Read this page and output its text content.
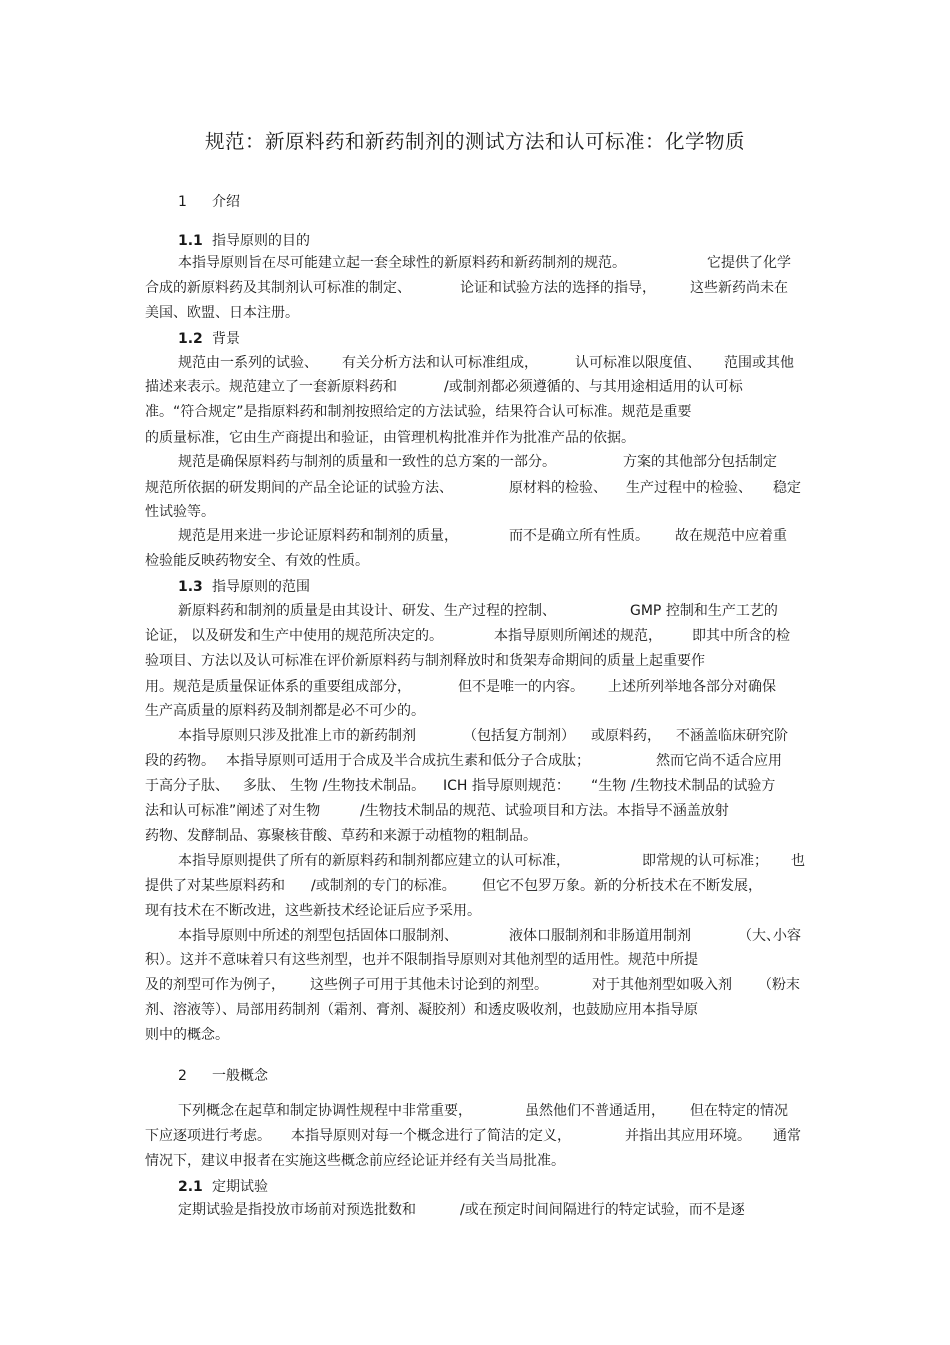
规范：新原料药和新药制剂的测试方法和认可标准：化学物质
1 介绍
1.1 指导原则的目的
本指导原则旨在尽可能建立起一套全球性的新原料药和新药制剂的规范。	它提供了化学
合成的新原料药及其制剂认可标准的制定、	论证和试验方法的选择的指导， 这些新药尚未在
美国、欧盟、日本注册。
1.2 背景
规范由一系列的试验、 有关分析方法和认可标准组成，	认可标准以限度值、 范围或其他
描述来表示。规范建立了一套新原料药和	/或制剂都必须遵循的、与其用途相适用的认可标
准。“符合规定”是指原料药和制剂按照给定的方法试验，结果符合认可标准。规范是重要
的质量标准，它由生产商提出和验证，由管理机构批准并作为批准产品的依据。
规范是确保原料药与制剂的质量和一致性的总方案的一部分。	方案的其他部分包括制定
规范所依据的研发期间的产品全论证的试验方法、	原材料的检验、 生产过程中的检验、 稳定
性试验等。
规范是用来进一步论证原料药和制剂的质量，	而不是确立所有性质。 故在规范中应着重
检验能反映药物安全、有效的性质。
1.3 指导原则的范围
新原料药和制剂的质量是由其设计、研发、生产过程的控制、	GMP 控制和生产工艺的
论证， 以及研发和生产中使用的规范所决定的。	本指导原则所阐述的规范， 即其中所含的检
验项目、方法以及认可标准在评价新原料药与制剂释放时和货架寿命期间的质量上起重要作
用。规范是质量保证体系的重要组成部分，	但不是唯一的内容。 上述所列举地各部分对确保
生产高质量的原料药及制剂都是必不可少的。
本指导原则只涉及批准上市的新药制剂	（包括复方制剂） 或原料药， 不涵盖临床研究阶
段的药物。 本指导原则可适用于合成及半合成抗生素和低分子合成肽；	然而它尚不适合应用
于高分子肽、 多肽、 生物 /生物技术制品。 ICH 指导原则规范： “生物 /生物技术制品的试验方
法和认可标准”阐述了对生物	/生物技术制品的规范、试验项目和方法。本指导不涵盖放射
药物、发酵制品、寡聚核苷酸、草药和来源于动植物的粗制品。
本指导原则提供了所有的新原料药和制剂都应建立的认可标准，	即常规的认可标准； 也
提供了对某些原料药和 /或制剂的专门的标准。 但它不包罗万象。新的分析技术在不断发展，
现有技术在不断改进，这些新技术经论证后应予采用。
本指导原则中所述的剂型包括固体口服制剂、	液体口服制剂和非肠道用制剂	（大、
小容
积）。这并不意味着只有这些剂型，也并不限制指导原则对其他剂型的适用性。规范中所提
及的剂型可作为例子， 这些例子可用于其他未讨论到的剂型。	对于其他剂型如吸入剂 （粉末
剂、溶液等）、局部用药制剂（霜剂、膏剂、凝胶剂）和透皮吸收剂，也鼓励应用本指导原
则中的概念。
2 一般概念
下列概念在起草和制定协调性规程中非常重要，	虽然他们不普通适用， 但在特定的情况
下应逐项进行考虑。 本指导原则对每一个概念进行了简洁的定义，	并指出其应用环境。 通常
情况下，建议申报者在实施这些概念前应经论证并经有关当局批准。
2.1 定期试验
定期试验是指投放市场前对预选批数和	/或在预定时间间隔进行的特定试验，而不是逐
